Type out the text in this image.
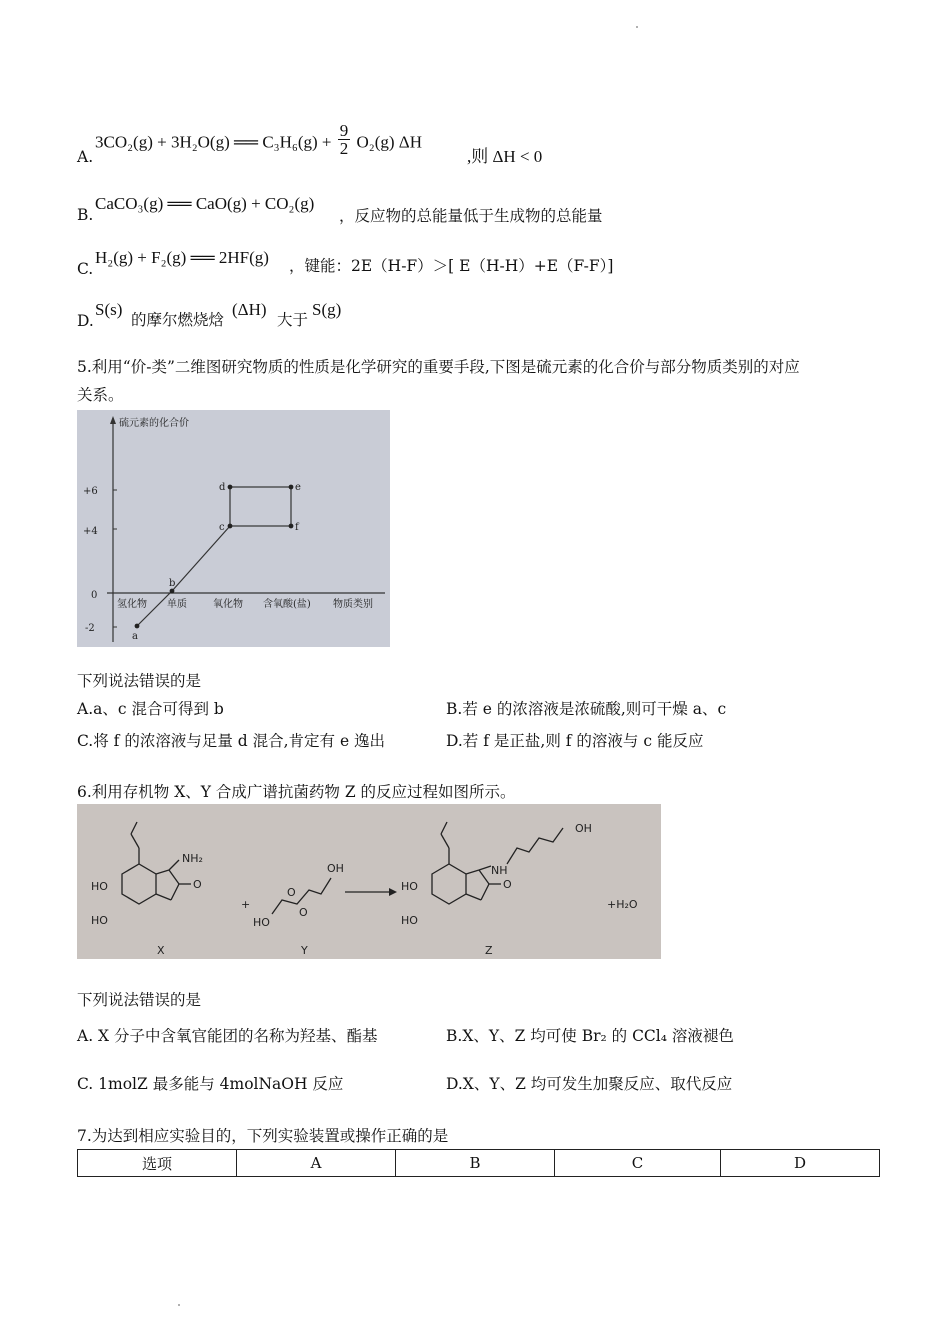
A.
3CO₂(g) + 3H₂O(g) ══ $C_3H_6(g) + \frac{9}{2} O_2(g)$ ΔH
,则 ΔH < 0
B.
CaCO₃(g) ══ CaO(g) + CO₂(g)
，反应物的总能量低于生成物的总能量
C.
H₂(g) + F₂(g) ══ 2HF(g) ，键能：2E（H-F）＞[ E（H-H）+E（F-F）]
D.
S(s)
的摩尔燃烧焓
(ΔH)
大于
S(g)
5.利用“价-类”二维图研究物质的性质是化学研究的重要手段,下图是硫元素的化合价与部分物质类别的对应
关系。
硫元素的化合价
+6
+4
0
-2
氢化物 单质	氧化物 含氧酸(盐) 物质类别
a
b
c
d	e
f
下列说法错误的是
A.a、c 混合可得到 b	B.若 e 的浓溶液是浓硫酸,则可干燥 a、c
C.将 f 的浓溶液与足量 d 混合,肯定有 e 逸出	D.若 f 是正盐,则 f 的溶液与 c 能反应
6.利用存机物 X、Y 合成广谱抗菌药物 Z 的反应过程如图所示。
NH₂
HO
HO
O
X
+
OH
HO
O
O
Y
NH
OH
HO
HO
O
+H₂O
Z
下列说法错误的是
A. X 分子中含氧官能团的名称为羟基、酯基	B.X、Y、Z 均可使 Br₂ 的 CCl₄ 溶液褪色
C. 1molZ 最多能与 4molNaOH 反应	D.X、Y、Z 均可发生加聚反应、取代反应
7.为达到相应实验目的，下列实验装置或操作正确的是
选项	A	B	C	D
